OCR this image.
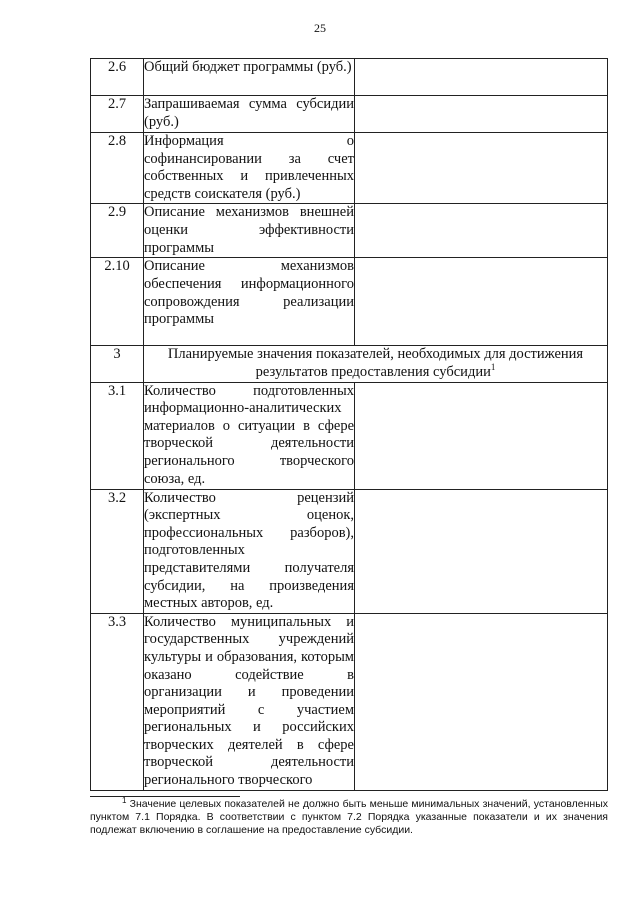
25
2.6	Общий бюджет программы (руб.)	
2.7	Запрашиваемая сумма субсидии (руб.)	
2.8	Информация о софинансировании за счет собственных и привлеченных средств соискателя (руб.)	
2.9	Описание механизмов внешней оценки эффективности программы	
2.10	Описание механизмов обеспечения информационного сопровождения реализации программы	
3	Планируемые значения показателей, необходимых для достижения результатов предоставления субсидии$^1$
3.1	Количество подготовленных информационно-аналитических материалов о ситуации в сфере творческой деятельности регионального творческого союза, ед.	
3.2	Количество рецензий (экспертных оценок, профессиональных разборов), подготовленных представителями получателя субсидии, на произведения местных авторов, ед.	
3.3	Количество муниципальных и государственных учреждений культуры и образования, которым оказано содействие в организации и проведении мероприятий с участием региональных и российских творческих деятелей в сфере творческой деятельности регионального творческого	
$^1$ Значение целевых показателей не должно быть меньше минимальных значений, установленных пунктом 7.1 Порядка. В соответствии с пунктом 7.2 Порядка указанные показатели и их значения подлежат включению в соглашение на предоставление субсидии.
